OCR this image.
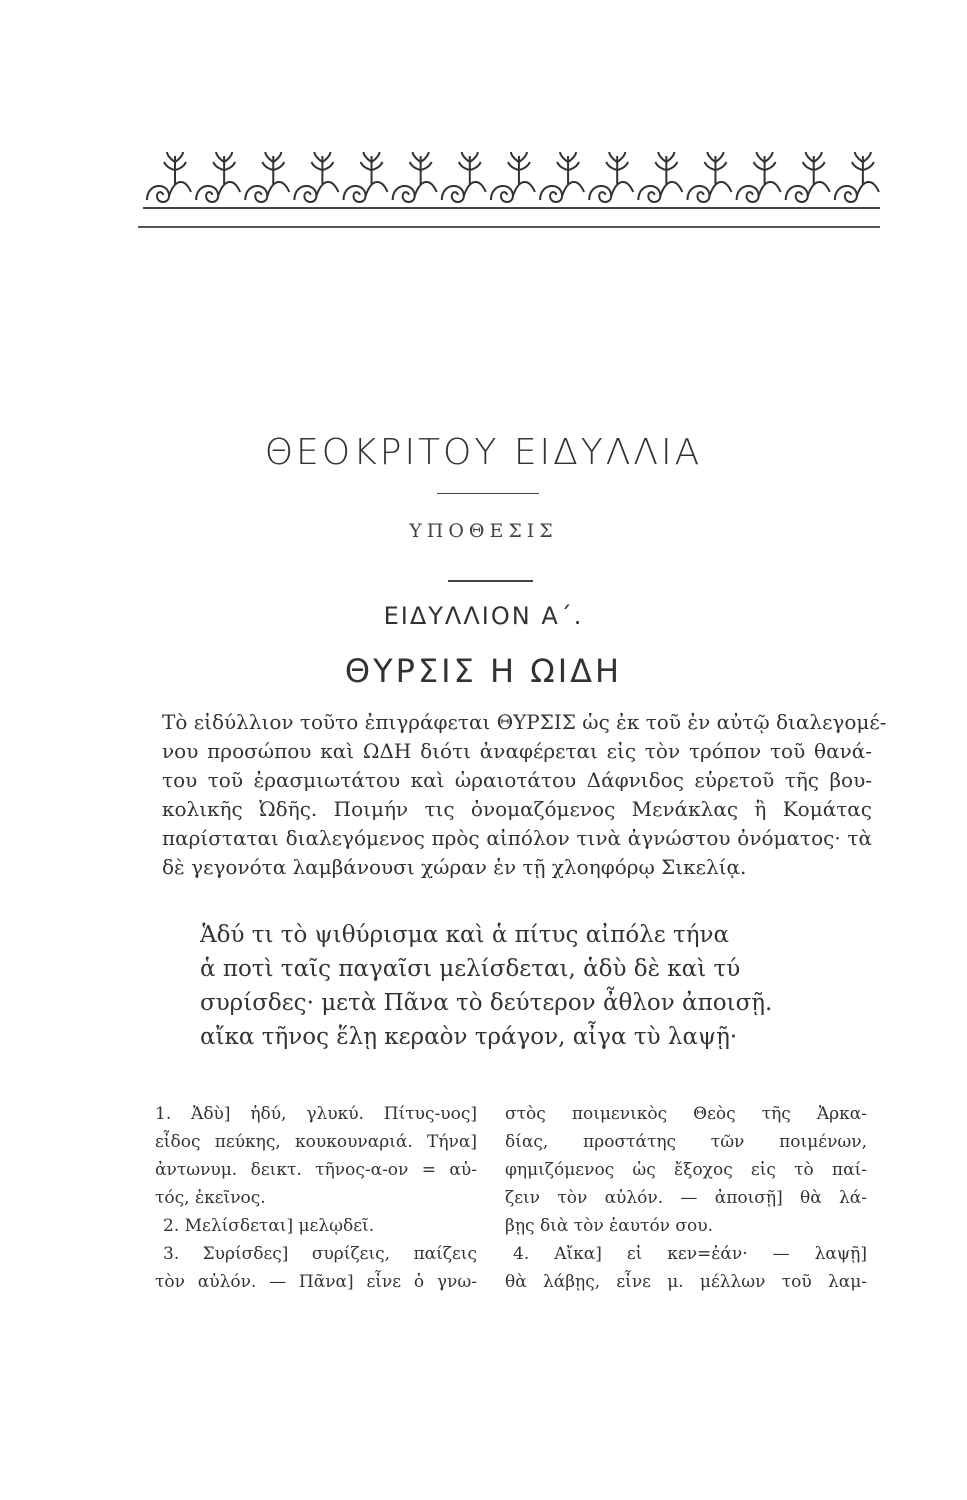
ΘΕΟΚΡΙΤΟΥ ΕΙΔΥΛΛΙΑ
ΥΠΟΘΕΣΙΣ
ΕΙΔΥΛΛΙΟΝ Α΄.
ΘΥΡΣΙΣ Η ΩΙΔΗ
Τὸ εἰδύλλιον τοῦτο ἐπιγράφεται ΘΥΡΣΙΣ ὡς ἐκ τοῦ ἐν αὐτῷ διαλεγομέ-
νου προσώπου καὶ ΩΔΗ διότι ἀναφέρεται εἰς τὸν τρόπον τοῦ θανά-
του τοῦ ἐρασμιωτάτου καὶ ὡραιοτάτου Δάφνιδος εὑρετοῦ τῆς βου-
κολικῆς Ὠδῆς. Ποιμήν τις ὀνομαζόμενος Μενάκλας ἢ Κομάτας
παρίσταται διαλεγόμενος πρὸς αἰπόλον τινὰ ἀγνώστου ὀνόματος· τὰ
δὲ γεγονότα λαμβάνουσι χώραν ἐν τῇ χλοηφόρῳ Σικελίᾳ.
Ἁδύ τι τὸ ψιθύρισμα καὶ ἁ πίτυς αἰπόλε τήνα
ἁ ποτὶ ταῖς παγαῖσι μελίσδεται, ἁδὺ δὲ καὶ τύ
συρίσδες· μετὰ Πᾶνα τὸ δεύτερον ἆθλον ἀποισῇ.
αἴκα τῆνος ἕλῃ κεραὸν τράγον, αἶγα τὺ λαψῇ·
1. Ἀδὺ] ἡδύ, γλυκύ. Πίτυς-υος]
εἶδος πεύκης, κουκουναριά. Τήνα]
ἀντωνυμ. δεικτ. τῆνος-α-ον = αὐ-
τός, ἐκεῖνος.
2. Μελίσδεται] μελῳδεῖ.
3. Συρίσδες] συρίζεις, παίζεις
τὸν αὐλόν. — Πᾶνα] εἶνε ὁ γνω-
στὸς ποιμενικὸς Θεὸς τῆς Ἀρκα-
δίας, προστάτης τῶν ποιμένων,
φημιζόμενος ὡς ἔξοχος εἰς τὸ παί-
ζειν τὸν αὐλόν. — ἀποισῇ] θὰ λά-
βῃς διὰ τὸν ἑαυτόν σου.
4. Αἴκα] εἰ κεν=ἐάν· — λαψῇ]
θὰ λάβῃς, εἶνε μ. μέλλων τοῦ λαμ-
